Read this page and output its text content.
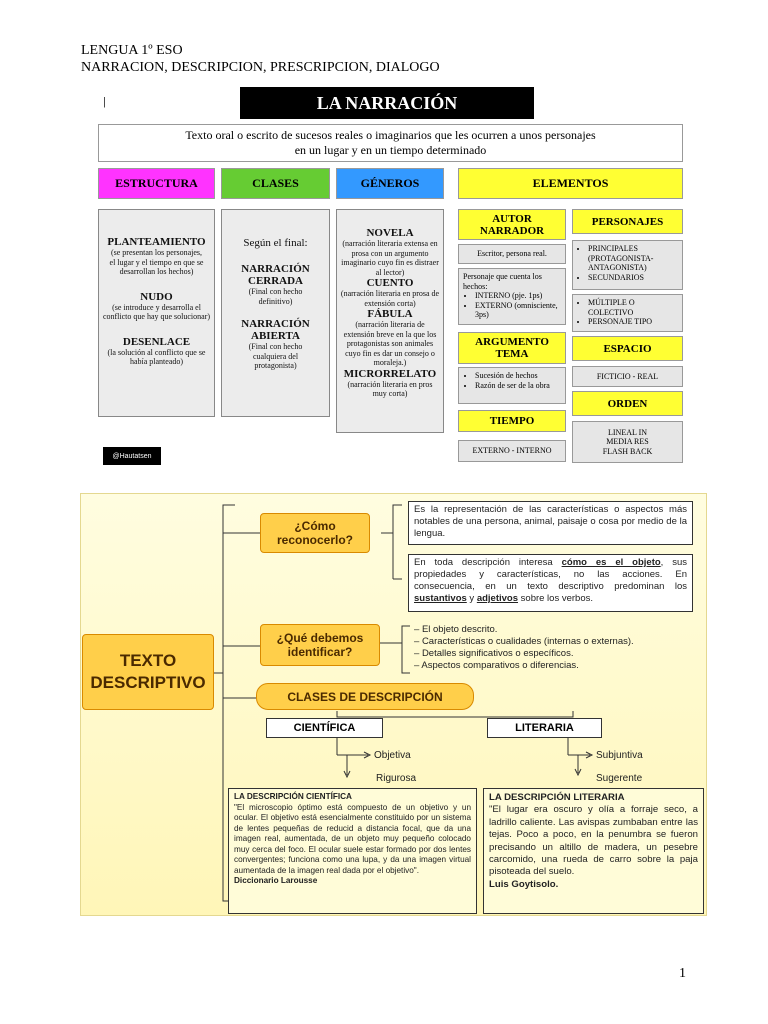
LENGUA 1º ESO
NARRACION, DESCRIPCION, PRESCRIPCION, DIALOGO
|	LA NARRACIÓN
Texto oral o escrito de sucesos reales o imaginarios que les ocurren a unos personajes
en un lugar y en un tiempo determinado
ESTRUCTURA	CLASES	GÉNEROS	ELEMENTOS
PLANTEAMIENTO
(se presentan los personajes, el lugar y el tiempo en que se desarrollan los hechos)
NUDO
(se introduce y desarrolla el conflicto que hay que solucionar)
DESENLACE
(la solución al conflicto que se había planteado)
Según el final:
NARRACIÓN CERRADA
(Final con hecho definitivo)
NARRACIÓN ABIERTA
(Final con hecho cualquiera del protagonista)
NOVELA
(narración literaria extensa en prosa con un argumento imaginario cuyo fin es distraer al lector)
CUENTO
(narración literaria en prosa de extensión corta)
FÁBULA
(narración literaria de extensión breve en la que los protagonistas son animales cuyo fin es dar un consejo o moraleja.)
MICRORRELATO
(narración literaria en pros muy corta)
AUTOR NARRADOR
Escritor, persona real.
Personaje que cuenta los hechos:
• INTERNO (pje. 1ps)
• EXTERNO (omnisciente, 3ps)
ARGUMENTO TEMA
• Sucesión de hechos
• Razón de ser de la obra
TIEMPO
EXTERNO - INTERNO
PERSONAJES
• PRINCIPALES (PROTAGONISTA-ANTAGONISTA)
• SECUNDARIOS
• MÚLTIPLE O COLECTIVO
• PERSONAJE TIPO
ESPACIO
FICTICIO - REAL
ORDEN
LINEAL IN MEDIA RES FLASH BACK
@Hautatsen
TEXTO DESCRIPTIVO
¿Cómo reconocerlo?
Es la representación de las características o aspectos más notables de una persona, animal, paisaje o cosa por medio de la lengua.
En toda descripción interesa cómo es el objeto, sus propiedades y características, no las acciones. En consecuencia, en un texto descriptivo predominan los sustantivos y adjetivos sobre los verbos.
¿Qué debemos identificar?
– El objeto descrito.
– Características o cualidades (internas o externas).
– Detalles significativos o específicos.
– Aspectos comparativos o diferencias.
CLASES DE DESCRIPCIÓN
CIENTÍFICA	LITERARIA
Objetiva
Rigurosa
Subjuntiva
Sugerente
LA DESCRIPCIÓN CIENTÍFICA
"El microscopio óptimo está compuesto de un objetivo y un ocular. El objetivo está esencialmente constituido por un sistema de lentes pequeñas de reducid a distancia focal, que da una imagen real, aumentada, de un objeto muy pequeño colocado muy cerca del foco. El ocular suele estar formado por dos lentes convergentes; funciona como una lupa, y da una imagen virtual aumentada de la imagen real dada por el objetivo".
Diccionario Larousse
LA DESCRIPCIÓN LITERARIA
"El lugar era oscuro y olía a forraje seco, a ladrillo caliente. Las avispas zumbaban entre las tejas. Poco a poco, en la penumbra se fueron precisando un altillo de madera, un pesebre carcomido, una rueda de carro sobre la paja pisoteada del suelo.
Luis Goytisolo.
1
